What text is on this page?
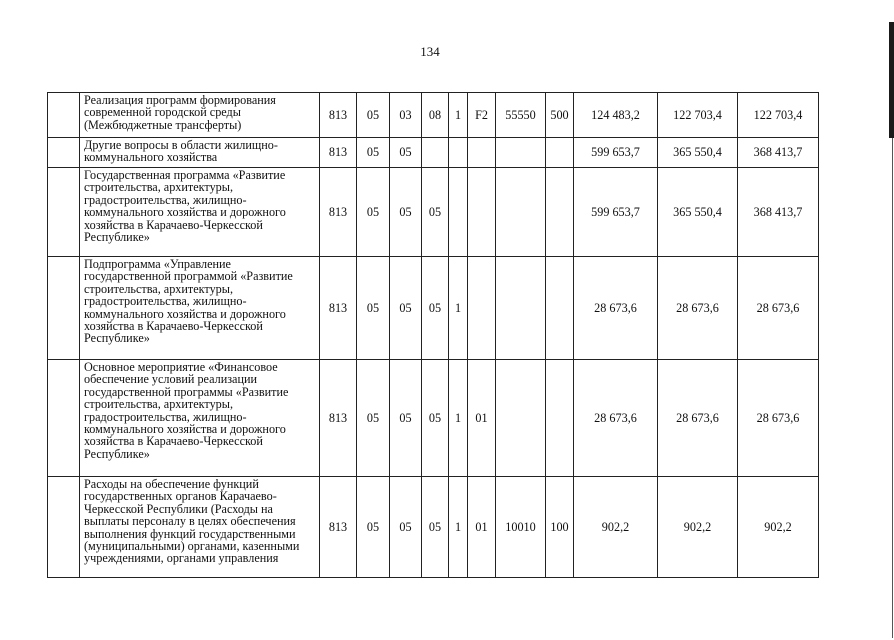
134
	Реализация программ формирования современной городской среды (Межбюджетные трансферты)	813	05	03	08	1	F2	55550	500	124 483,2	122 703,4	122 703,4
	Другие вопросы в области жилищно-коммунального хозяйства	813	05	05						599 653,7	365 550,4	368 413,7
	Государственная программа «Развитие строительства, архитектуры, градостроительства, жилищно-коммунального хозяйства и дорожного хозяйства в Карачаево-Черкесской Республике»	813	05	05	05					599 653,7	365 550,4	368 413,7
	Подпрограмма «Управление государственной программой «Развитие строительства, архитектуры, градостроительства, жилищно-коммунального хозяйства и дорожного хозяйства в Карачаево-Черкесской Республике»	813	05	05	05	1				28 673,6	28 673,6	28 673,6
	Основное мероприятие «Финансовое обеспечение условий реализации государственной программы «Развитие строительства, архитектуры, градостроительства, жилищно-коммунального хозяйства и дорожного хозяйства в Карачаево-Черкесской Республике»	813	05	05	05	1	01			28 673,6	28 673,6	28 673,6
	Расходы на обеспечение функций государственных органов Карачаево-Черкесской Республики (Расходы на выплаты персоналу в целях обеспечения выполнения функций государственными (муниципальными) органами, казенными учреждениями, органами управления	813	05	05	05	1	01	10010	100	902,2	902,2	902,2
